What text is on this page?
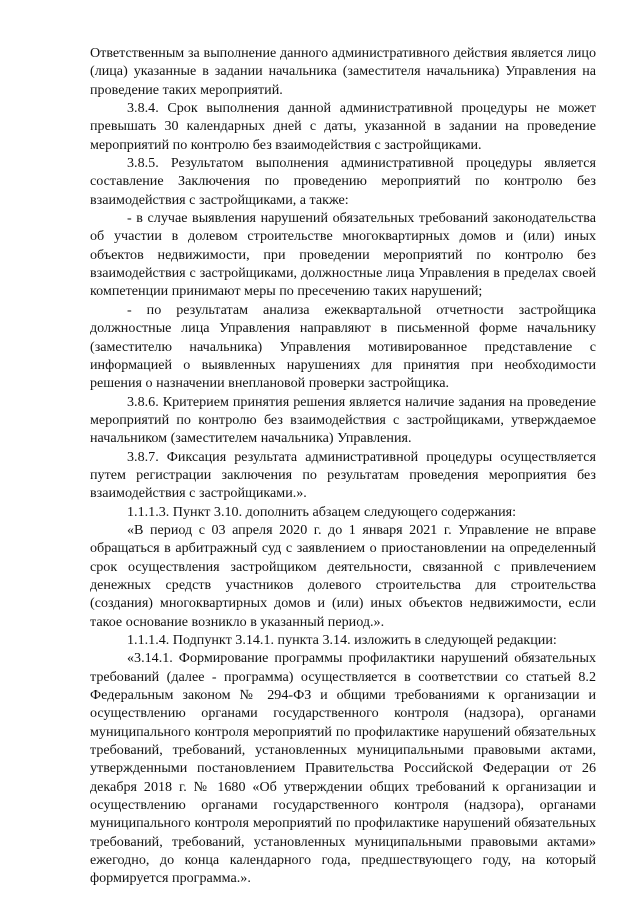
Ответственным за выполнение данного административного действия является лицо (лица) указанные в задании начальника (заместителя начальника) Управления на проведение таких мероприятий.

3.8.4. Срок выполнения данной административной процедуры не может превышать 30 календарных дней с даты, указанной в задании на проведение мероприятий по контролю без взаимодействия с застройщиками.

3.8.5. Результатом выполнения административной процедуры является составление Заключения по проведению мероприятий по контролю без взаимодействия с застройщиками, а также:

- в случае выявления нарушений обязательных требований законодательства об участии в долевом строительстве многоквартирных домов и (или) иных объектов недвижимости, при проведении мероприятий по контролю без взаимодействия с застройщиками, должностные лица Управления в пределах своей компетенции принимают меры по пресечению таких нарушений;

- по результатам анализа ежеквартальной отчетности застройщика должностные лица Управления направляют в письменной форме начальнику (заместителю начальника) Управления мотивированное представление с информацией о выявленных нарушениях для принятия при необходимости решения о назначении внеплановой проверки застройщика.

3.8.6. Критерием принятия решения является наличие задания на проведение мероприятий по контролю без взаимодействия с застройщиками, утверждаемое начальником (заместителем начальника) Управления.

3.8.7. Фиксация результата административной процедуры осуществляется путем регистрации заключения по результатам проведения мероприятия без взаимодействия с застройщиками.».

1.1.1.3. Пункт 3.10. дополнить абзацем следующего содержания:

«В период с 03 апреля 2020 г. до 1 января 2021 г. Управление не вправе обращаться в арбитражный суд с заявлением о приостановлении на определенный срок осуществления застройщиком деятельности, связанной с привлечением денежных средств участников долевого строительства для строительства (создания) многоквартирных домов и (или) иных объектов недвижимости, если такое основание возникло в указанный период.».

1.1.1.4. Подпункт 3.14.1. пункта 3.14. изложить в следующей редакции:

«3.14.1. Формирование программы профилактики нарушений обязательных требований (далее - программа) осуществляется в соответствии со статьей 8.2 Федеральным законом № 294-ФЗ и общими требованиями к организации и осуществлению органами государственного контроля (надзора), органами муниципального контроля мероприятий по профилактике нарушений обязательных требований, требований, установленных муниципальными правовыми актами, утвержденными постановлением Правительства Российской Федерации от 26 декабря 2018 г. № 1680 «Об утверждении общих требований к организации и осуществлению органами государственного контроля (надзора), органами муниципального контроля мероприятий по профилактике нарушений обязательных требований, требований, установленных муниципальными правовыми актами» ежегодно, до конца календарного года, предшествующего году, на который формируется программа.».
